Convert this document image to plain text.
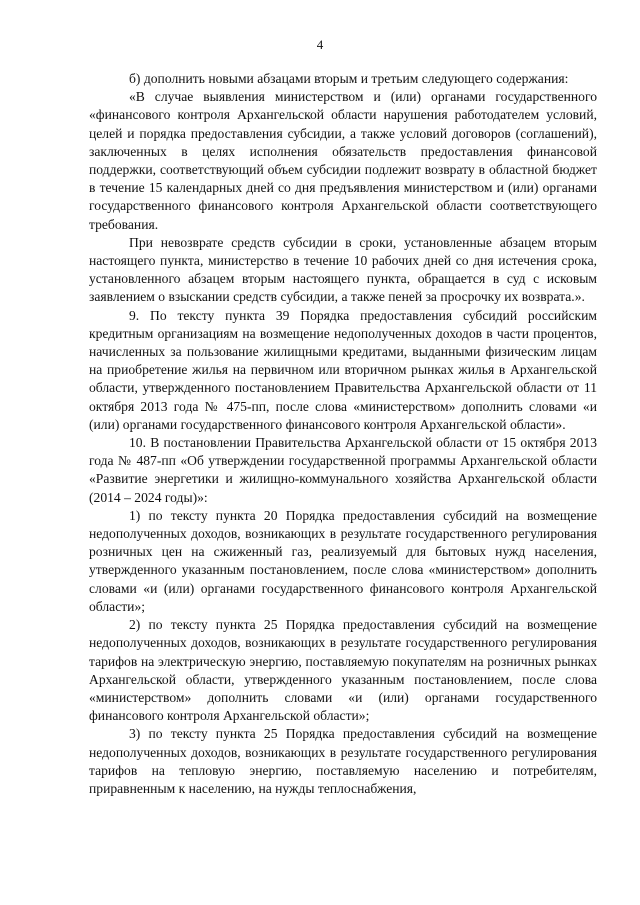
4

б) дополнить новыми абзацами вторым и третьим следующего содержания:

«В случае выявления министерством и (или) органами государственного «финансового контроля Архангельской области нарушения работодателем условий, целей и порядка предоставления субсидии, а также условий договоров (соглашений), заключенных в целях исполнения обязательств предоставления финансовой поддержки, соответствующий объем субсидии подлежит возврату в областной бюджет в течение 15 календарных дней со дня предъявления министерством и (или) органами государственного финансового контроля Архангельской области соответствующего требования.

При невозврате средств субсидии в сроки, установленные абзацем вторым настоящего пункта, министерство в течение 10 рабочих дней со дня истечения срока, установленного абзацем вторым настоящего пункта, обращается в суд с исковым заявлением о взыскании средств субсидии, а также пеней за просрочку их возврата.».

9. По тексту пункта 39 Порядка предоставления субсидий российским кредитным организациям на возмещение недополученных доходов в части процентов, начисленных за пользование жилищными кредитами, выданными физическим лицам на приобретение жилья на первичном или вторичном рынках жилья в Архангельской области, утвержденного постановлением Правительства Архангельской области от 11 октября 2013 года № 475-пп, после слова «министерством» дополнить словами «и (или) органами государственного финансового контроля Архангельской области».

10. В постановлении Правительства Архангельской области от 15 октября 2013 года № 487-пп «Об утверждении государственной программы Архангельской области «Развитие энергетики и жилищно-коммунального хозяйства Архангельской области (2014 – 2024 годы)»:

1) по тексту пункта 20 Порядка предоставления субсидий на возмещение недополученных доходов, возникающих в результате государственного регулирования розничных цен на сжиженный газ, реализуемый для бытовых нужд населения, утвержденного указанным постановлением, после слова «министерством» дополнить словами «и (или) органами государственного финансового контроля Архангельской области»;

2) по тексту пункта 25 Порядка предоставления субсидий на возмещение недополученных доходов, возникающих в результате государственного регулирования тарифов на электрическую энергию, поставляемую покупателям на розничных рынках Архангельской области, утвержденного указанным постановлением, после слова «министерством» дополнить словами «и (или) органами государственного финансового контроля Архангельской области»;

3) по тексту пункта 25 Порядка предоставления субсидий на возмещение недополученных доходов, возникающих в результате государственного регулирования тарифов на тепловую энергию, поставляемую населению и потребителям, приравненным к населению, на нужды теплоснабжения,
